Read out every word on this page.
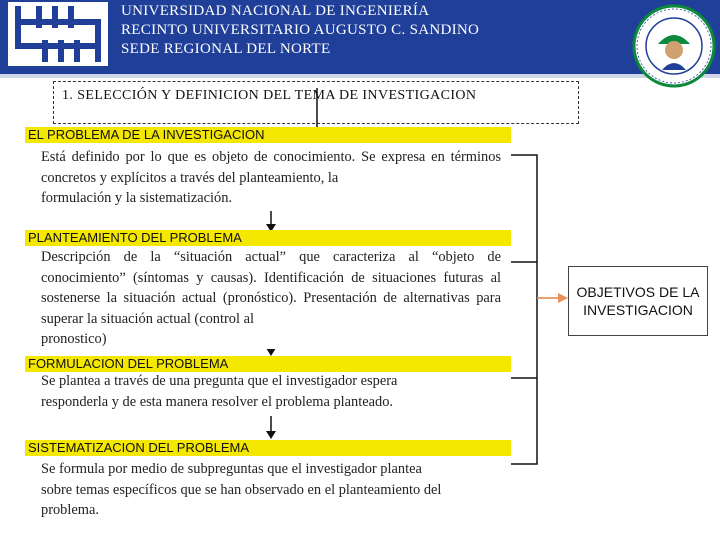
UNIVERSIDAD NACIONAL DE INGENIERÍA
RECINTO UNIVERSITARIO AUGUSTO C. SANDINO
SEDE REGIONAL DEL NORTE
1. SELECCIÓN Y DEFINICION DEL TEMA DE INVESTIGACION
Está definido por lo que es objeto de conocimiento. Se expresa en términos concretos y explícitos a través del planteamiento, la
formulación y la sistematización.
EL PROBLEMA DE LA INVESTIGACION
Descripción de la “situación actual” que caracteriza al “objeto de conocimiento” (síntomas y causas). Identificación de situaciones futuras al sostenerse la situación actual (pronóstico). Presentación de alternativas para superar la situación actual (control al
pronostico)
PLANTEAMIENTO DEL PROBLEMA
Se plantea a través de una pregunta que el investigador espera
responderla y de esta manera resolver el problema planteado.
FORMULACION DEL PROBLEMA
Se formula por medio de subpreguntas que el investigador plantea
sobre temas específicos que se han observado en el planteamiento del problema.
SISTEMATIZACION DEL PROBLEMA
OBJETIVOS DE LA INVESTIGACION
